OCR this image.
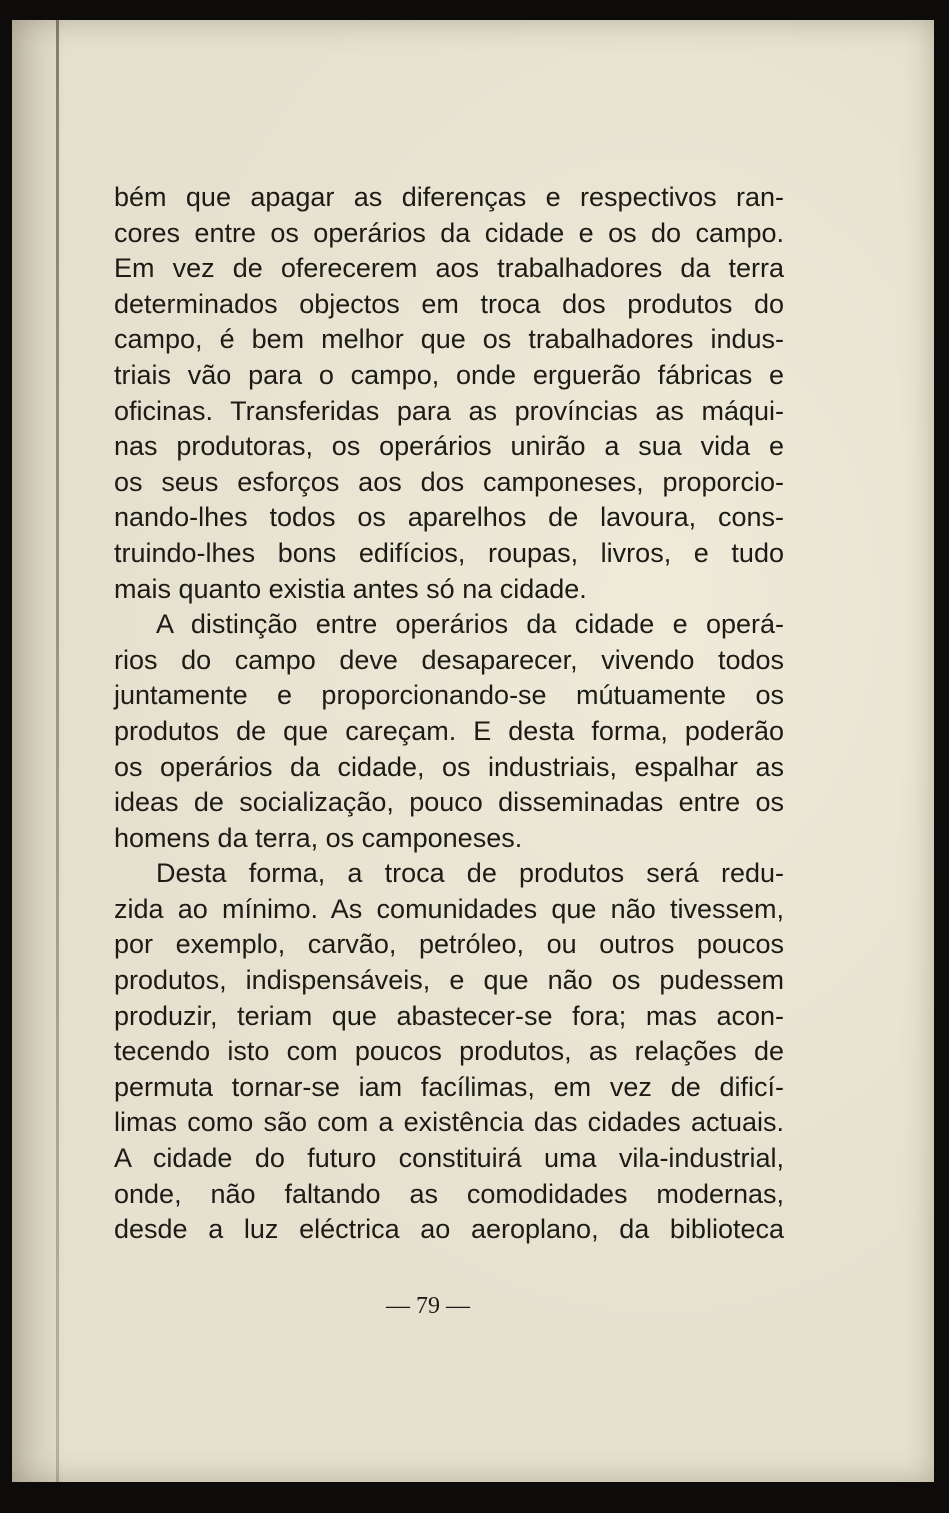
bém que apagar as diferenças e respectivos ran-
cores entre os operários da cidade e os do campo.
Em vez de oferecerem aos trabalhadores da terra
determinados objectos em troca dos produtos do
campo, é bem melhor que os trabalhadores indus-
triais vão para o campo, onde erguerão fábricas e
oficinas. Transferidas para as províncias as máqui-
nas produtoras, os operários unirão a sua vida e
os seus esforços aos dos camponeses, proporcio-
nando-lhes todos os aparelhos de lavoura, cons-
truindo-lhes bons edifícios, roupas, livros, e tudo
mais quanto existia antes só na cidade.
A distinção entre operários da cidade e operá-
rios do campo deve desaparecer, vivendo todos
juntamente e proporcionando-se mútuamente os
produtos de que careçam. E desta forma, poderão
os operários da cidade, os industriais, espalhar as
ideas de socialização, pouco disseminadas entre os
homens da terra, os camponeses.
Desta forma, a troca de produtos será redu-
zida ao mínimo. As comunidades que não tivessem,
por exemplo, carvão, petróleo, ou outros poucos
produtos, indispensáveis, e que não os pudessem
produzir, teriam que abastecer-se fora; mas acon-
tecendo isto com poucos produtos, as relações de
permuta tornar-se iam facílimas, em vez de dificí-
limas como são com a existência das cidades actuais.
A cidade do futuro constituirá uma vila-industrial,
onde, não faltando as comodidades modernas,
desde a luz eléctrica ao aeroplano, da biblioteca
— 79 —
